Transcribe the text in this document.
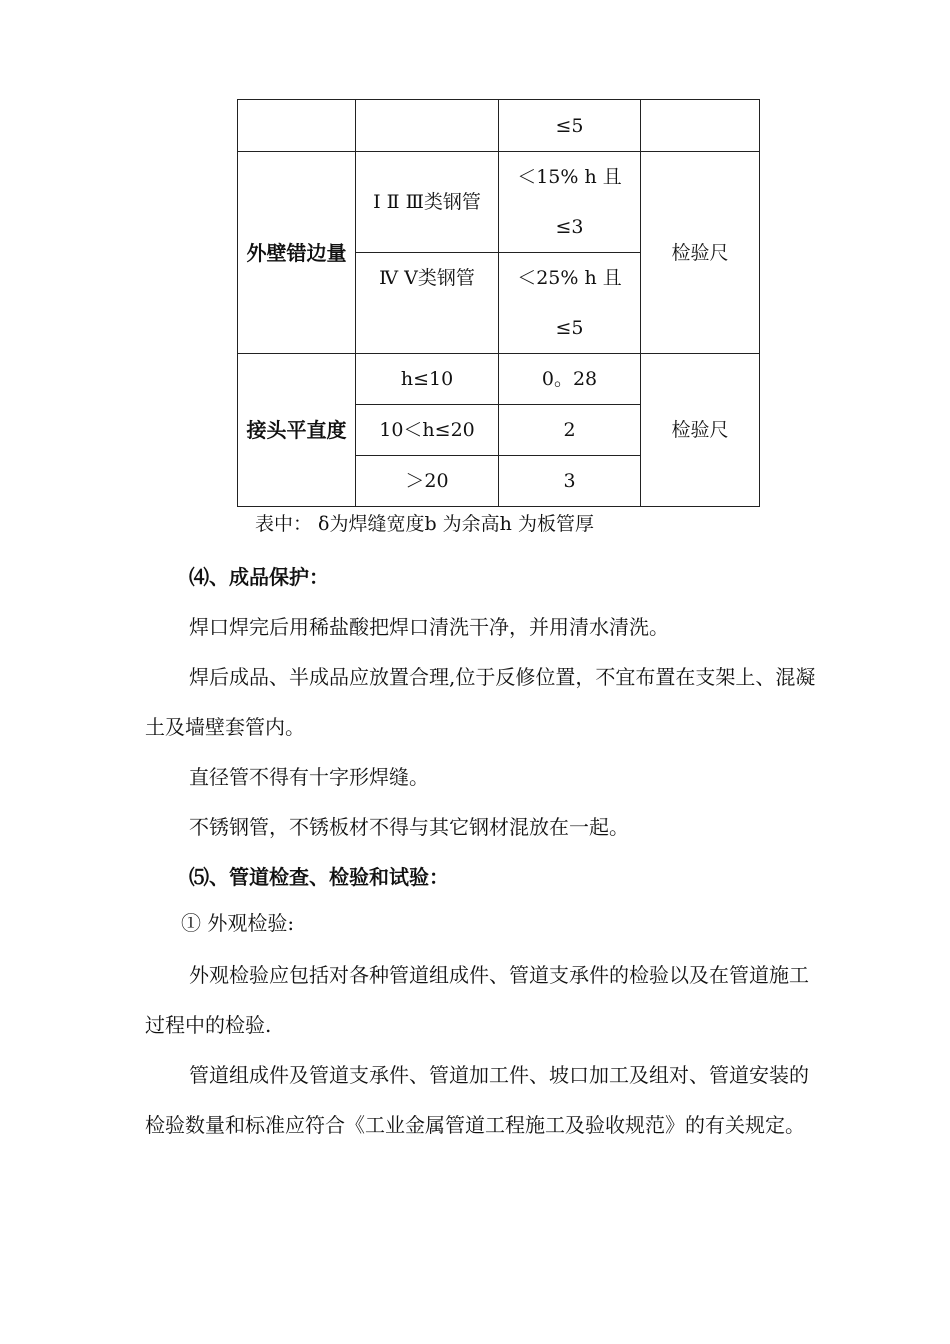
		≤5	
外壁错边量	Ⅰ Ⅱ Ⅲ类钢管	＜15% h 且≤3	检验尺
	Ⅳ Ⅴ类钢管	＜25% h 且≤5	
接头平直度	h≤10	0。28	检验尺
	10＜h≤20	2	
	＞20	3	
表中： δ为焊缝宽度b 为余高h 为板管厚

⑷、成品保护：

焊口焊完后用稀盐酸把焊口清洗干净，并用清水清洗。

焊后成品、半成品应放置合理,位于反修位置，不宜布置在支架上、混凝土及墙壁套管内。

直径管不得有十字形焊缝。

不锈钢管，不锈板材不得与其它钢材混放在一起。

⑸、管道检查、检验和试验：

① 外观检验:

外观检验应包括对各种管道组成件、管道支承件的检验以及在管道施工过程中的检验.

管道组成件及管道支承件、管道加工件、坡口加工及组对、管道安装的检验数量和标准应符合《工业金属管道工程施工及验收规范》的有关规定。
